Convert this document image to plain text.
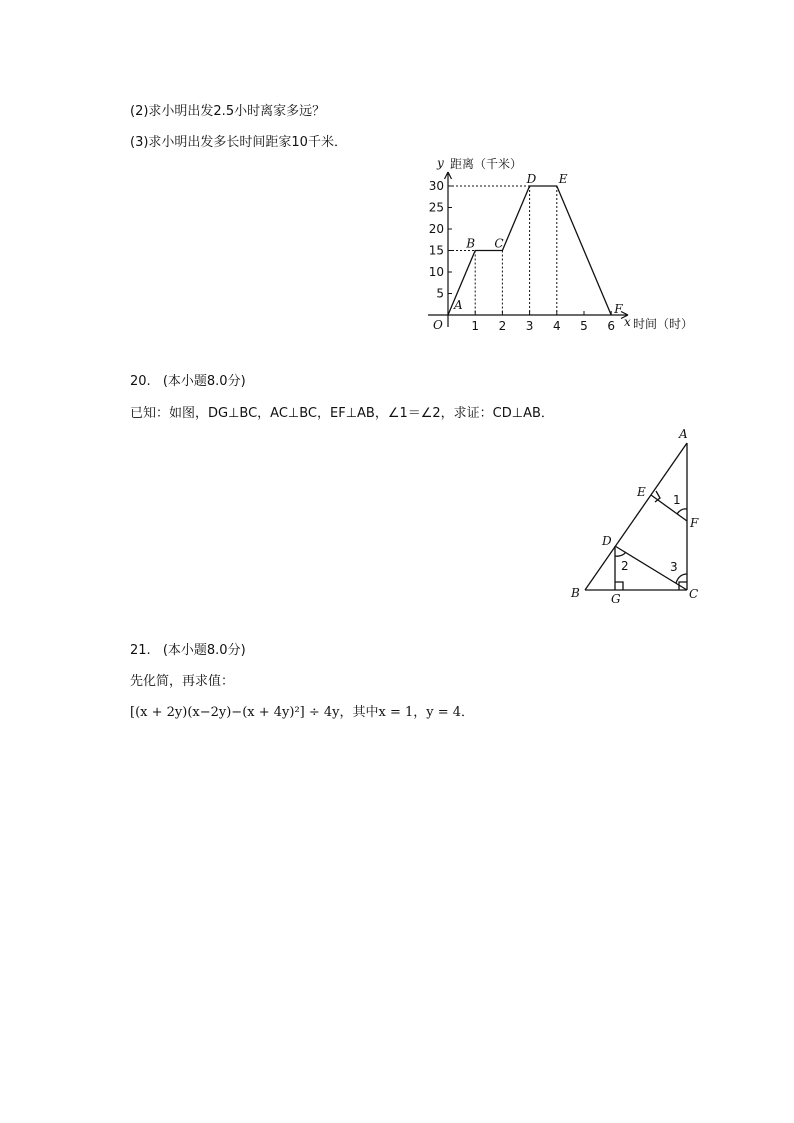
(2)求小明出发2.5小时离家多远？
(3)求小明出发多长时间距家10千米．
y 距离（千米）
x 时间（时）
O 1 2 3 4 5 6
5
10
15
20
25
30
A
B C
D E
F
20. (本小题8.0分)
已知：如图，DG⊥BC，AC⊥BC，EF⊥AB，∠1＝∠2，求证：CD⊥AB．
A
E
F
D
B	G	C
1
2	3
21. (本小题8.0分)
先化简，再求值：
[(x + 2y)(x−2y)−(x + 4y)²] ÷ 4y，其中x = 1，y = 4．
